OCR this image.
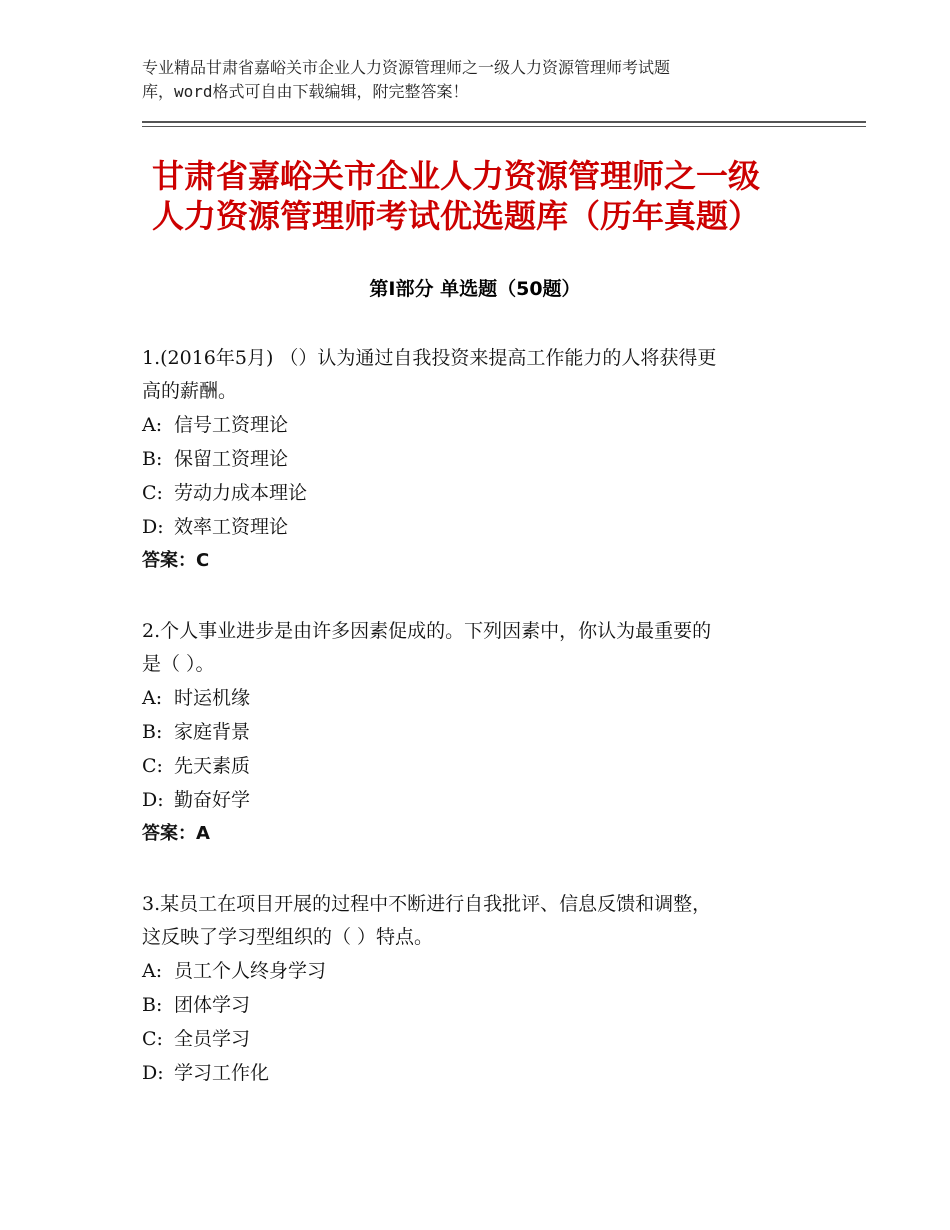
专业精品甘肃省嘉峪关市企业人力资源管理师之一级人力资源管理师考试题
库，word格式可自由下载编辑，附完整答案！
甘肃省嘉峪关市企业人力资源管理师之一级
人力资源管理师考试优选题库（历年真题）
第Ⅰ部分 单选题（50题）

1.(2016年5月) （）认为通过自我投资来提高工作能力的人将获得更
高的薪酬。

A: 信号工资理论

B: 保留工资理论

C: 劳动力成本理论

D: 效率工资理论

答案：C

2.个人事业进步是由许多因素促成的。下列因素中，你认为最重要的
是（ ）。

A: 时运机缘

B: 家庭背景

C: 先天素质

D: 勤奋好学

答案：A

3.某员工在项目开展的过程中不断进行自我批评、信息反馈和调整，
这反映了学习型组织的（ ）特点。

A: 员工个人终身学习

B: 团体学习

C: 全员学习

D: 学习工作化
